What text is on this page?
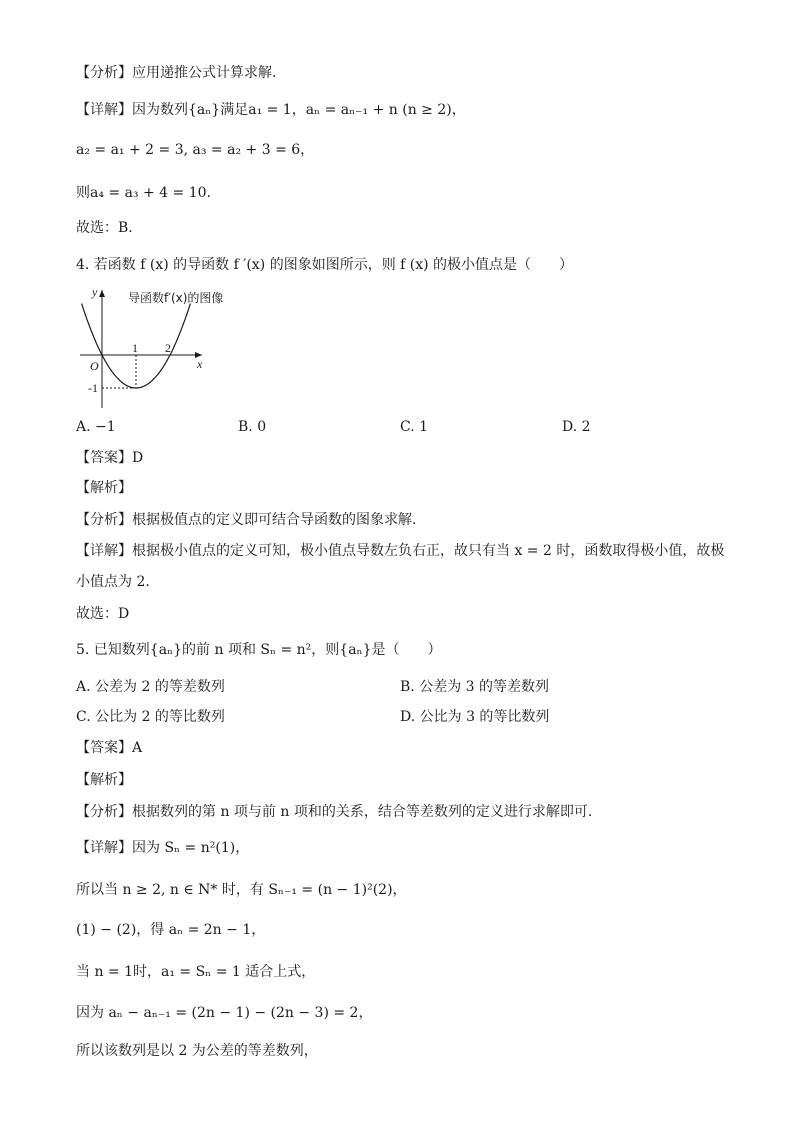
【分析】应用递推公式计算求解.
【详解】因为数列{aₙ}满足a₁ = 1，aₙ = aₙ₋₁ + n (n ≥ 2)，
a₂ = a₁ + 2 = 3, a₃ = a₂ + 3 = 6，
则a₄ = a₃ + 4 = 10.
故选：B.
4. 若函数 f (x) 的导函数 f ′(x) 的图象如图所示，则 f (x) 的极小值点是（　　）
y
x
O
1 2
-1
导函数f′(x)的图像
A. −1	B. 0	C. 1	D. 2
【答案】D
【解析】
【分析】根据极值点的定义即可结合导函数的图象求解.
【详解】根据极小值点的定义可知，极小值点导数左负右正，故只有当 x = 2 时，函数取得极小值，故极
小值点为 2.
故选：D
5. 已知数列{aₙ}的前 n 项和 Sₙ = n²，则{aₙ}是（　　）
A. 公差为 2 的等差数列	B. 公差为 3 的等差数列
C. 公比为 2 的等比数列	D. 公比为 3 的等比数列
【答案】A
【解析】
【分析】根据数列的第 n 项与前 n 项和的关系，结合等差数列的定义进行求解即可.
【详解】因为 Sₙ = n²(1)，
所以当 n ≥ 2, n ∈ N* 时，有 Sₙ₋₁ = (n − 1)²(2)，
(1) − (2)，得 aₙ = 2n − 1，
当 n = 1时，a₁ = Sₙ = 1 适合上式，
因为 aₙ − aₙ₋₁ = (2n − 1) − (2n − 3) = 2，
所以该数列是以 2 为公差的等差数列，
